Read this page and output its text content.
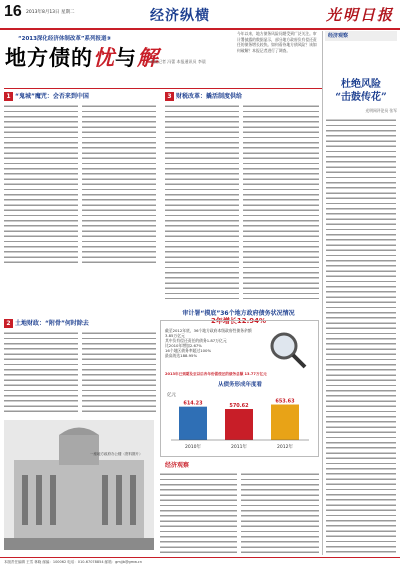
16 2013年8月13日 星期二	经济纵横	光明日报
“2013深化经济体制改革”系列报道⑨
地方债的忧与解
本报记者 冯蕾 本报通讯员 李晨
今年以来，地方债务风险问题受到广泛关注。审计署披露的数据显示，部分地方政府负有偿还责任的债务增长较快。如何看待地方债风险？该如何破解？本报记者进行了调查。
1 “鬼城”魔咒：会否来到中国	3 财税改革：撬活制度供给
2 土地财政：“附骨”何时除去
审计署“摸底”36个地方政府债务状况情况
2年增长12.94%
截至2012年底，36个地方政府本级政府性债务余额3.85万亿元
其中负有偿还责任的债务1.87万亿元
比2010年增加2.67%
16个地区债务率超过100%
最高的达188.95%
2013年已到期及至以后各年份需偿还的债务总额 13.77万亿元
从债务形成年度看
614.23
2010年
570.62
2011年
653.63
2012年
亿元
一座地方政府办公楼（资料图片）
经济观察
经济观察
杜绝风险
“击鼓传花”
光明网评论员 张军
本版责任编辑 王雪 林晓 邮编：100062 电话：010-67078854 邮箱：gmjjb@gmw.cn
